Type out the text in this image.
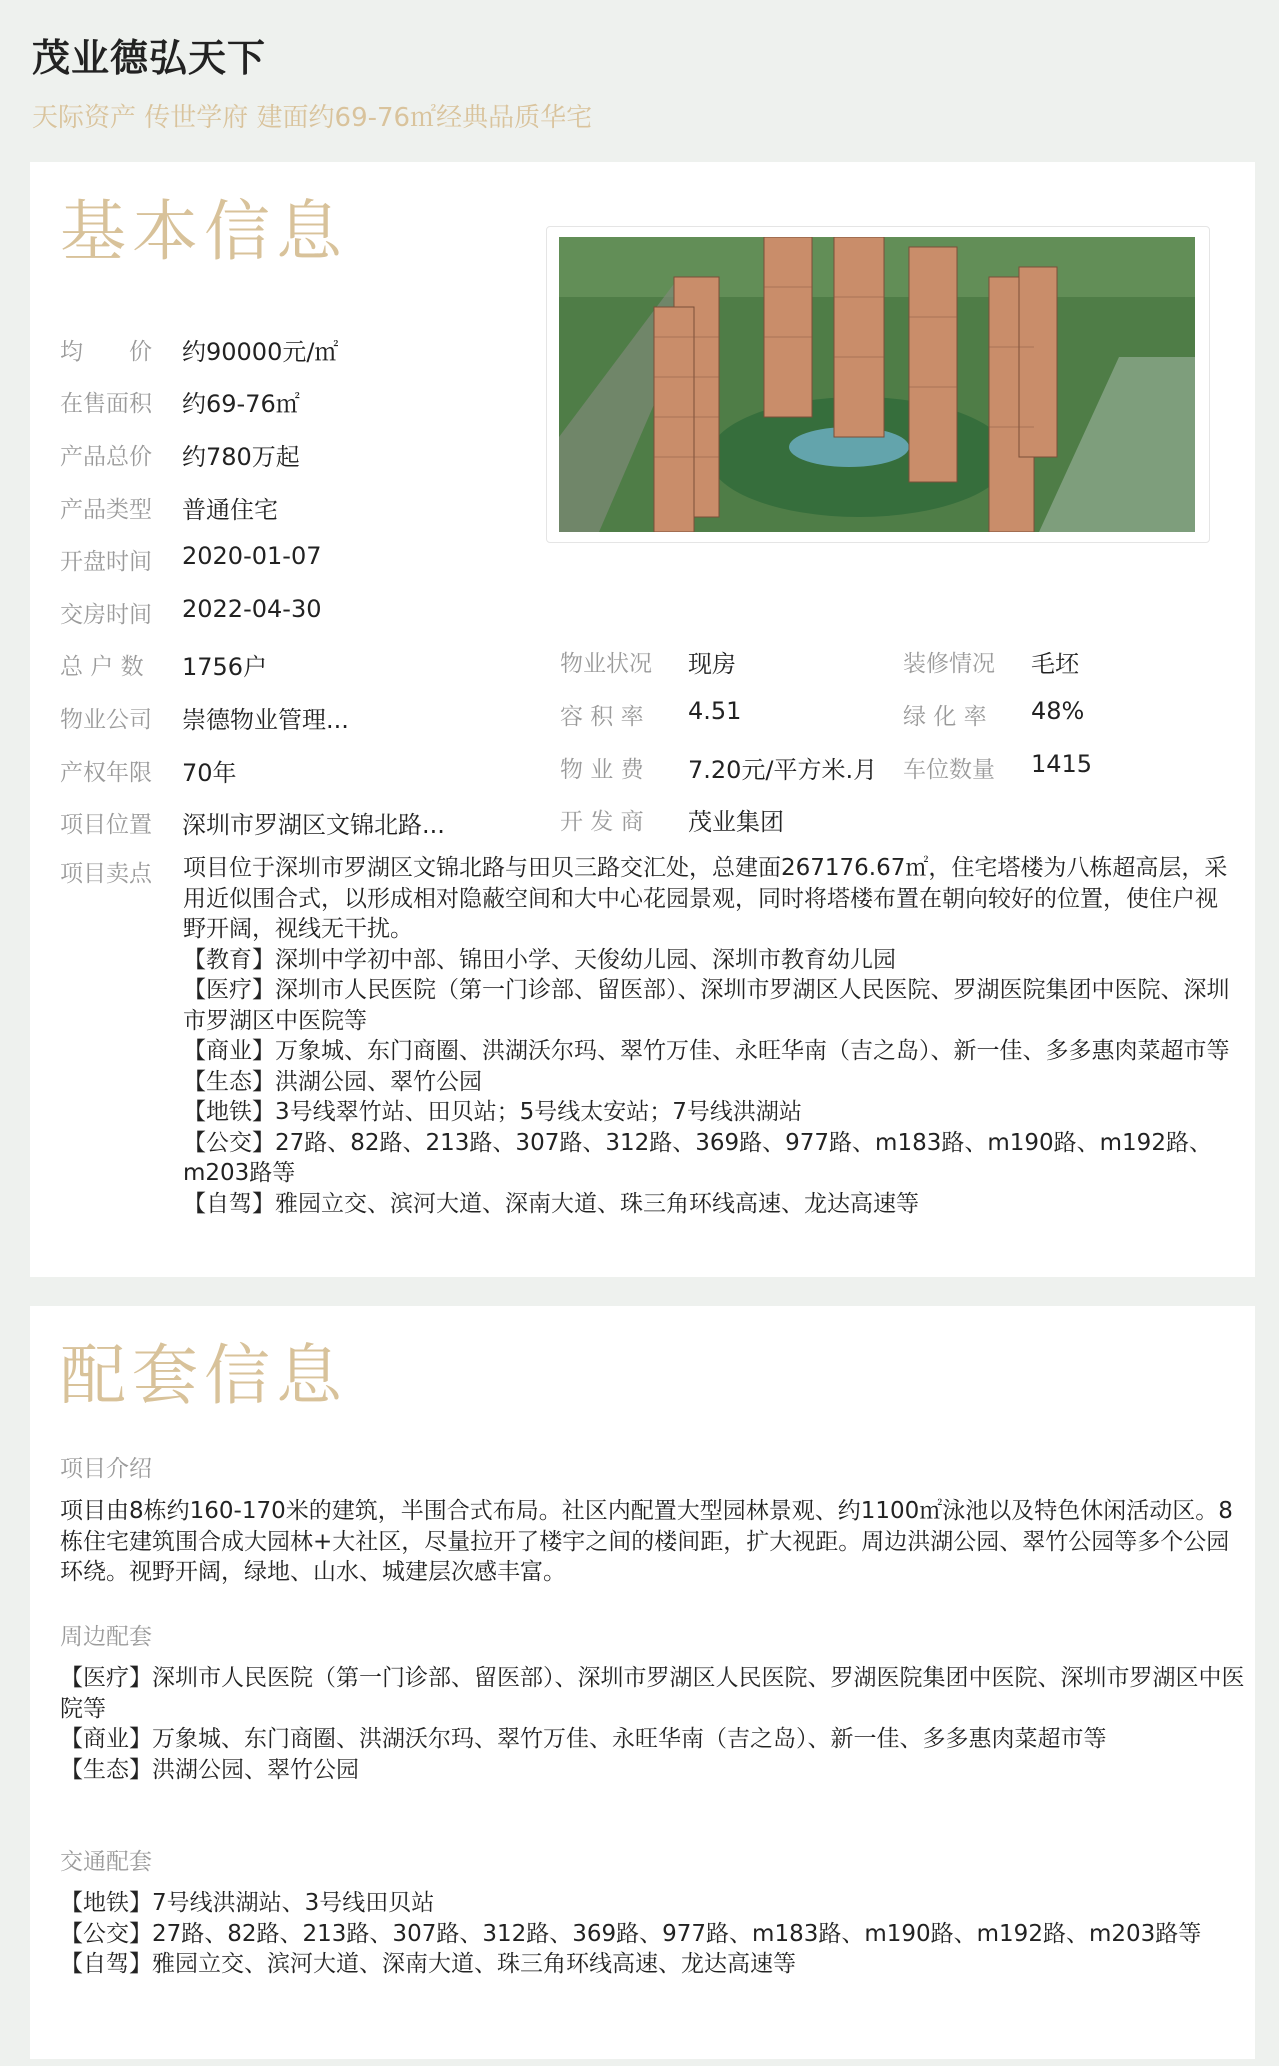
茂业德弘天下
天际资产 传世学府 建面约69-76㎡经典品质华宅
基本信息
均　　价 约90000元/㎡
在售面积 约69-76㎡
产品总价 约780万起
产品类型 普通住宅
开盘时间 2020-01-07
交房时间 2022-04-30
总 户 数 1756户
物业公司 崇德物业管理...
产权年限 70年
项目位置 深圳市罗湖区文锦北路...
物业状况 现房
容 积 率 4.51
物 业 费 7.20元/平方米.月
开 发 商 茂业集团
装修情况 毛坯
绿 化 率 48%
车位数量 1415
项目卖点 项目位于深圳市罗湖区文锦北路与田贝三路交汇处，总建面267176.67㎡，住宅塔楼为八栋超高层，采用近似围合式，以形成相对隐蔽空间和大中心花园景观，同时将塔楼布置在朝向较好的位置，使住户视野开阔，视线无干扰。

【教育】深圳中学初中部、锦田小学、天俊幼儿园、深圳市教育幼儿园

【医疗】深圳市人民医院（第一门诊部、留医部）、深圳市罗湖区人民医院、罗湖医院集团中医院、深圳市罗湖区中医院等

【商业】万象城、东门商圈、洪湖沃尔玛、翠竹万佳、永旺华南（吉之岛）、新一佳、多多惠肉菜超市等

【生态】洪湖公园、翠竹公园

【地铁】3号线翠竹站、田贝站；5号线太安站；7号线洪湖站

【公交】27路、82路、213路、307路、312路、369路、977路、m183路、m190路、m192路、m203路等

【自驾】雅园立交、滨河大道、深南大道、珠三角环线高速、龙达高速等

配套信息
项目介绍

项目由8栋约160-170米的建筑，半围合式布局。社区内配置大型园林景观、约1100㎡泳池以及特色休闲活动区。8栋住宅建筑围合成大园林+大社区，尽量拉开了楼宇之间的楼间距，扩大视距。周边洪湖公园、翠竹公园等多个公园环绕。视野开阔，绿地、山水、城建层次感丰富。

周边配套

【医疗】深圳市人民医院（第一门诊部、留医部）、深圳市罗湖区人民医院、罗湖医院集团中医院、深圳市罗湖区中医院等

【商业】万象城、东门商圈、洪湖沃尔玛、翠竹万佳、永旺华南（吉之岛）、新一佳、多多惠肉菜超市等

【生态】洪湖公园、翠竹公园

交通配套

【地铁】7号线洪湖站、3号线田贝站

【公交】27路、82路、213路、307路、312路、369路、977路、m183路、m190路、m192路、m203路等

【自驾】雅园立交、滨河大道、深南大道、珠三角环线高速、龙达高速等
